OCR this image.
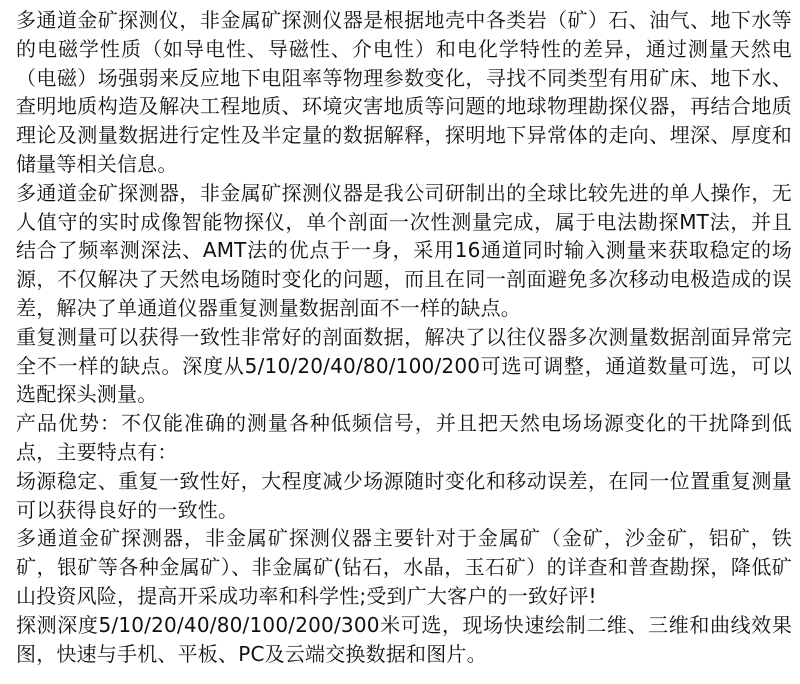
多通道金矿探测仪，非金属矿探测仪器是根据地壳中各类岩（矿）石、油气、地下水等的电磁学性质（如导电性、导磁性、介电性）和电化学特性的差异，通过测量天然电（电磁）场强弱来反应地下电阻率等物理参数变化，寻找不同类型有用矿床、地下水、查明地质构造及解决工程地质、环境灾害地质等问题的地球物理勘探仪器，再结合地质理论及测量数据进行定性及半定量的数据解释，探明地下异常体的走向、埋深、厚度和储量等相关信息。

多通道金矿探测器，非金属矿探测仪器是我公司研制出的全球比较先进的单人操作，无人值守的实时成像智能物探仪，单个剖面一次性测量完成，属于电法勘探MT法，并且结合了频率测深法、AMT法的优点于一身，采用16通道同时输入测量来获取稳定的场源，不仅解决了天然电场随时变化的问题，而且在同一剖面避免多次移动电极造成的误差，解决了单通道仪器重复测量数据剖面不一样的缺点。

重复测量可以获得一致性非常好的剖面数据，解决了以往仪器多次测量数据剖面异常完全不一样的缺点。深度从5/10/20/40/80/100/200可选可调整，通道数量可选，可以选配探头测量。

产品优势：不仅能准确的测量各种低频信号，并且把天然电场场源变化的干扰降到低点，主要特点有：

场源稳定、重复一致性好，大程度减少场源随时变化和移动误差，在同一位置重复测量可以获得良好的一致性。

多通道金矿探测器，非金属矿探测仪器主要针对于金属矿（金矿，沙金矿，铝矿，铁矿，银矿等各种金属矿）、非金属矿(钻石，水晶，玉石矿）的详查和普查勘探，降低矿山投资风险，提高开采成功率和科学性;受到广大客户的一致好评!

探测深度5/10/20/40/80/100/200/300米可选，现场快速绘制二维、三维和曲线效果图，快速与手机、平板、PC及云端交换数据和图片。
